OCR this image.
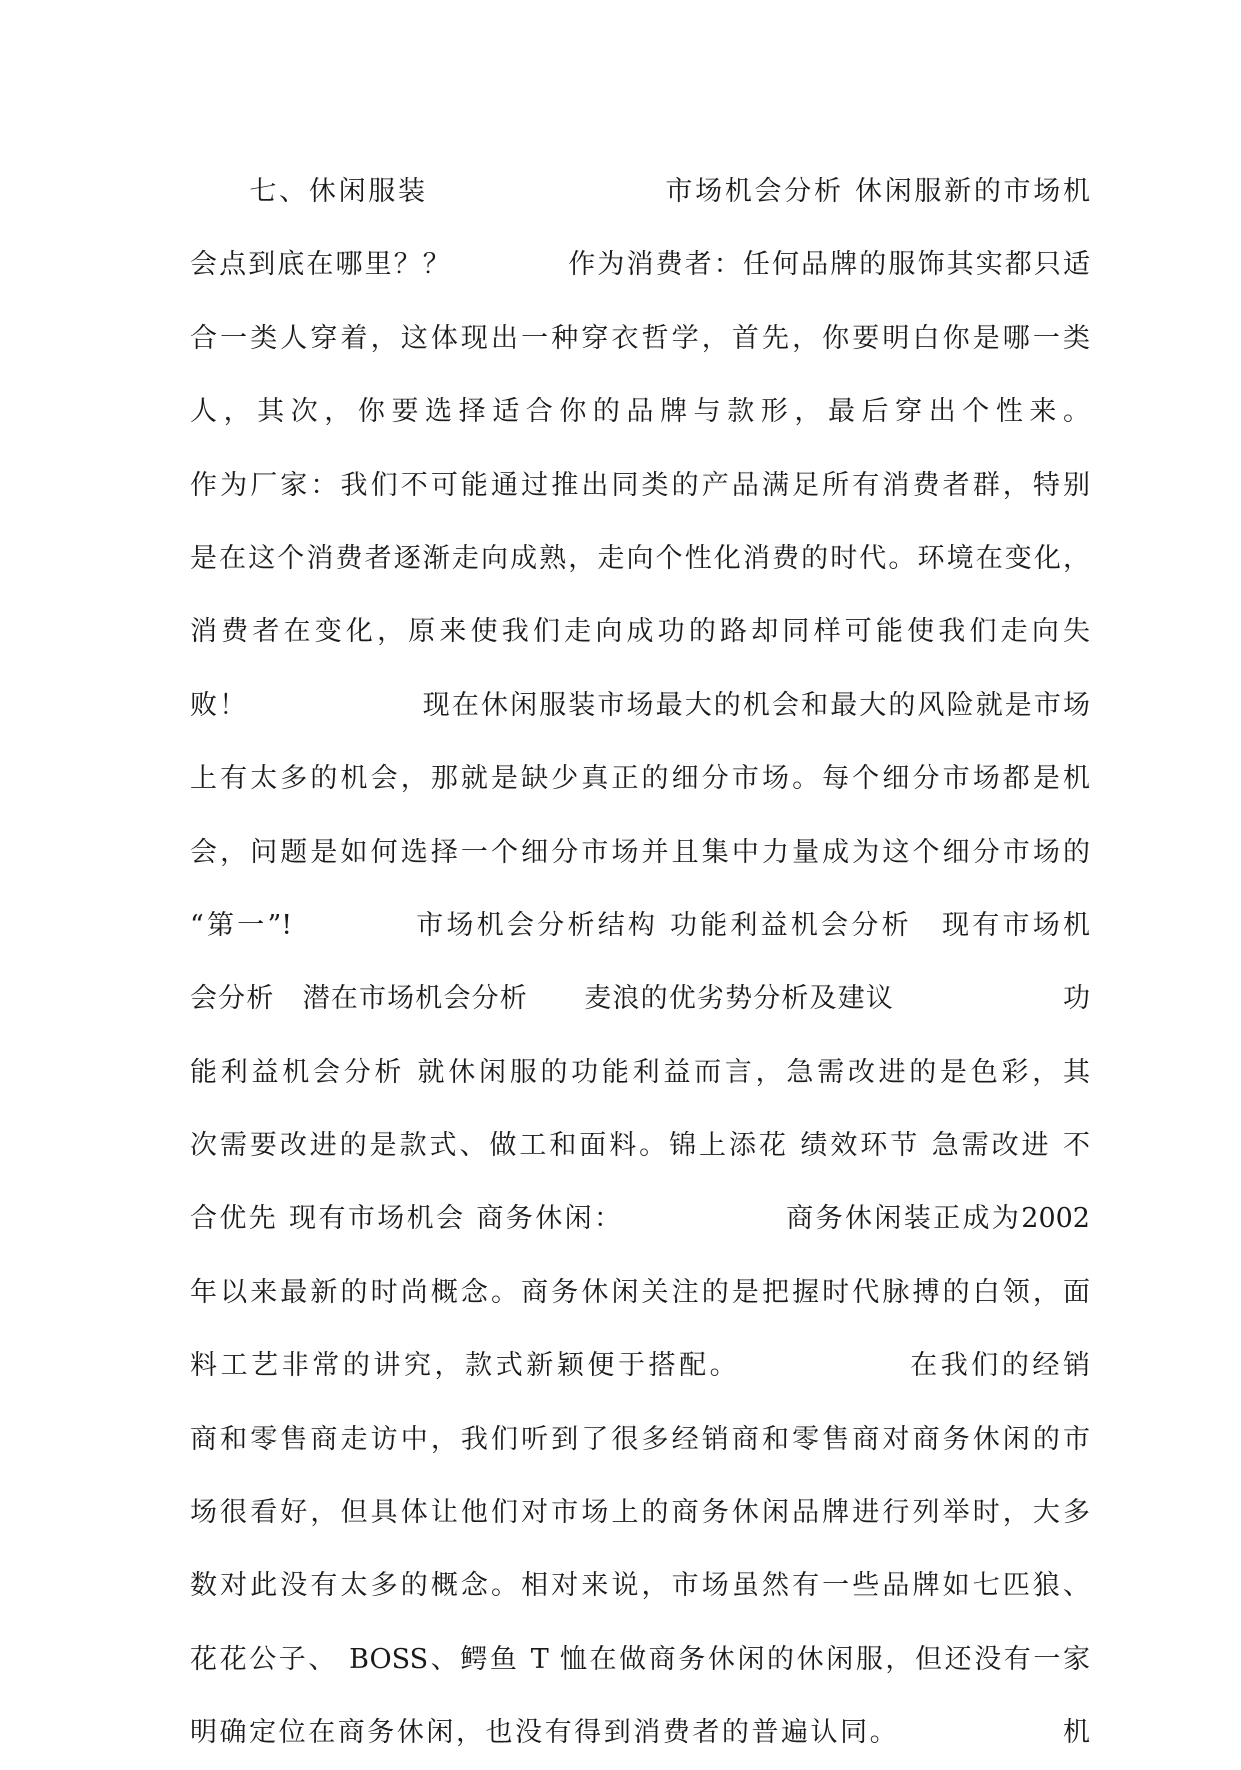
　　七、休闲服装　　　　　　　　市场机会分析 休闲服新的市场机
会点到底在哪里？？　　　　作为消费者：任何品牌的服饰其实都只适
合一类人穿着，这体现出一种穿衣哲学，首先，你要明白你是哪一类
人，其次，你要选择适合你的品牌与款形，最后穿出个性来。
作为厂家：我们不可能通过推出同类的产品满足所有消费者群，特别
是在这个消费者逐渐走向成熟，走向个性化消费的时代。环境在变化，
消费者在变化，原来使我们走向成功的路却同样可能使我们走向失
败！　　　　　　现在休闲服装市场最大的机会和最大的风险就是市场
上有太多的机会，那就是缺少真正的细分市场。每个细分市场都是机
会，问题是如何选择一个细分市场并且集中力量成为这个细分市场的
“第一”!　　　　市场机会分析结构 功能利益机会分析　现有市场机
会分析　潜在市场机会分析　　麦浪的优劣势分析及建议　　　　　　功
能利益机会分析 就休闲服的功能利益而言，急需改进的是色彩，其
次需要改进的是款式、做工和面料。锦上添花 绩效环节 急需改进 不
合优先 现有市场机会 商务休闲：　　　　　　商务休闲装正成为2002
年以来最新的时尚概念。商务休闲关注的是把握时代脉搏的白领，面
料工艺非常的讲究，款式新颖便于搭配。　　　　　　在我们的经销
商和零售商走访中，我们听到了很多经销商和零售商对商务休闲的市
场很看好，但具体让他们对市场上的商务休闲品牌进行列举时，大多
数对此没有太多的概念。相对来说，市场虽然有一些品牌如七匹狼、
花花公子、 BOSS、鳄鱼 T 恤在做商务休闲的休闲服，但还没有一家
明确定位在商务休闲，也没有得到消费者的普遍认同。　　　　　　机
